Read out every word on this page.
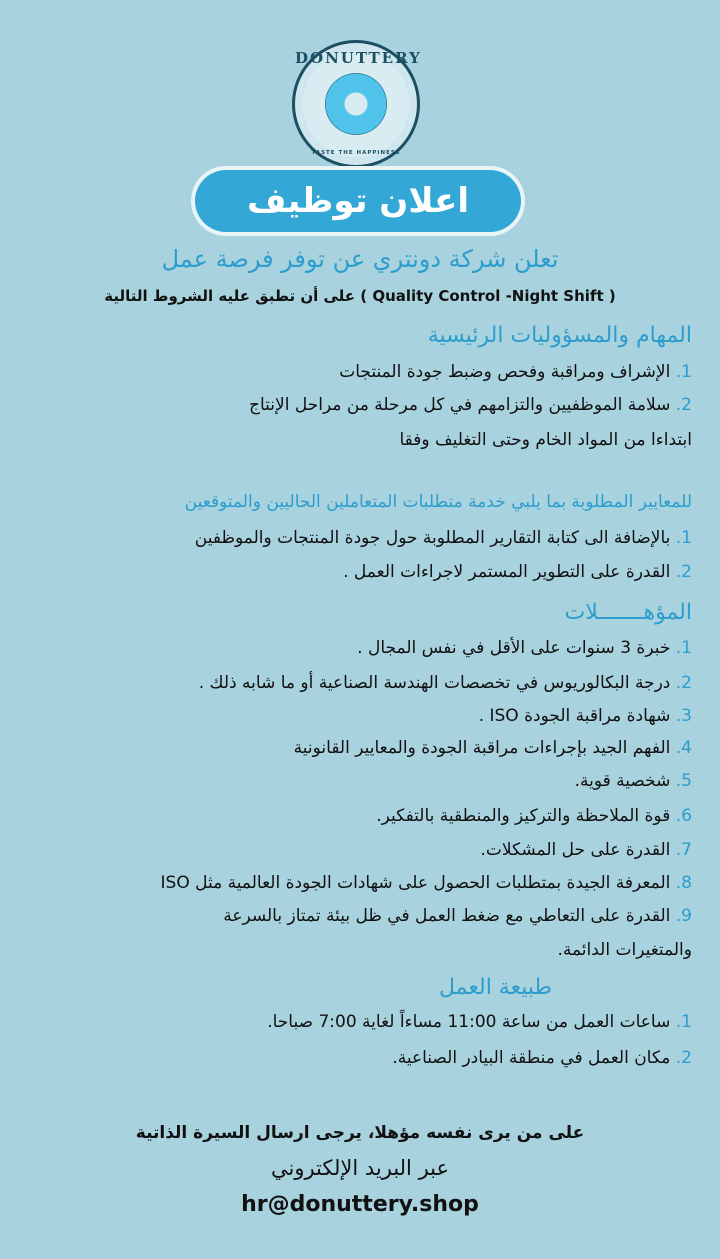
DONUTTERY
TASTE THE HAPPINESS
اعلان توظيف
تعلن شركة دونتري عن توفر فرصة عمل
( Quality Control -Night Shift ) على أن تطبق عليه الشروط التالية
المهام والمسؤوليات الرئيسية
1. الإشراف ومراقبة وفحص وضبط جودة المنتجات
2. سلامة الموظفيين والتزامهم في كل مرحلة من مراحل الإنتاج
ابتداءا من المواد الخام وحتى التغليف وفقا
للمعايير المطلوبة بما يلبي خدمة متطلبات المتعاملين الحاليين والمتوقعين
1. بالإضافة الى كتابة التقارير المطلوبة حول جودة المنتجات والموظفين
2. القدرة على التطوير المستمر لاجراءات العمل .
المؤهـــــــلات
1. خبرة 3 سنوات على الأقل في نفس المجال .
2. درجة البكالوريوس في تخصصات الهندسة الصناعية أو ما شابه ذلك .
3. شهادة مراقبة الجودة ISO .
4. الفهم الجيد بإجراءات مراقبة الجودة والمعايير القانونية
5. شخصية قوية.
6. قوة الملاحظة والتركيز والمنطقية بالتفكير.
7. القدرة على حل المشكلات.
8. المعرفة الجيدة بمتطلبات الحصول على شهادات الجودة العالمية مثل ISO
9. القدرة على التعاطي مع ضغط العمل في ظل بيئة تمتاز بالسرعة
والمتغيرات الدائمة.
طبيعة العمل
1. ساعات العمل من ساعة 11:00 مساءاً لغاية 7:00 صباحا.
2. مكان العمل في منطقة البيادر الصناعية.
على من يرى نفسه مؤهلا، يرجى ارسال السيرة الذاتية
عبر البريد الإلكتروني
hr@donuttery.shop
